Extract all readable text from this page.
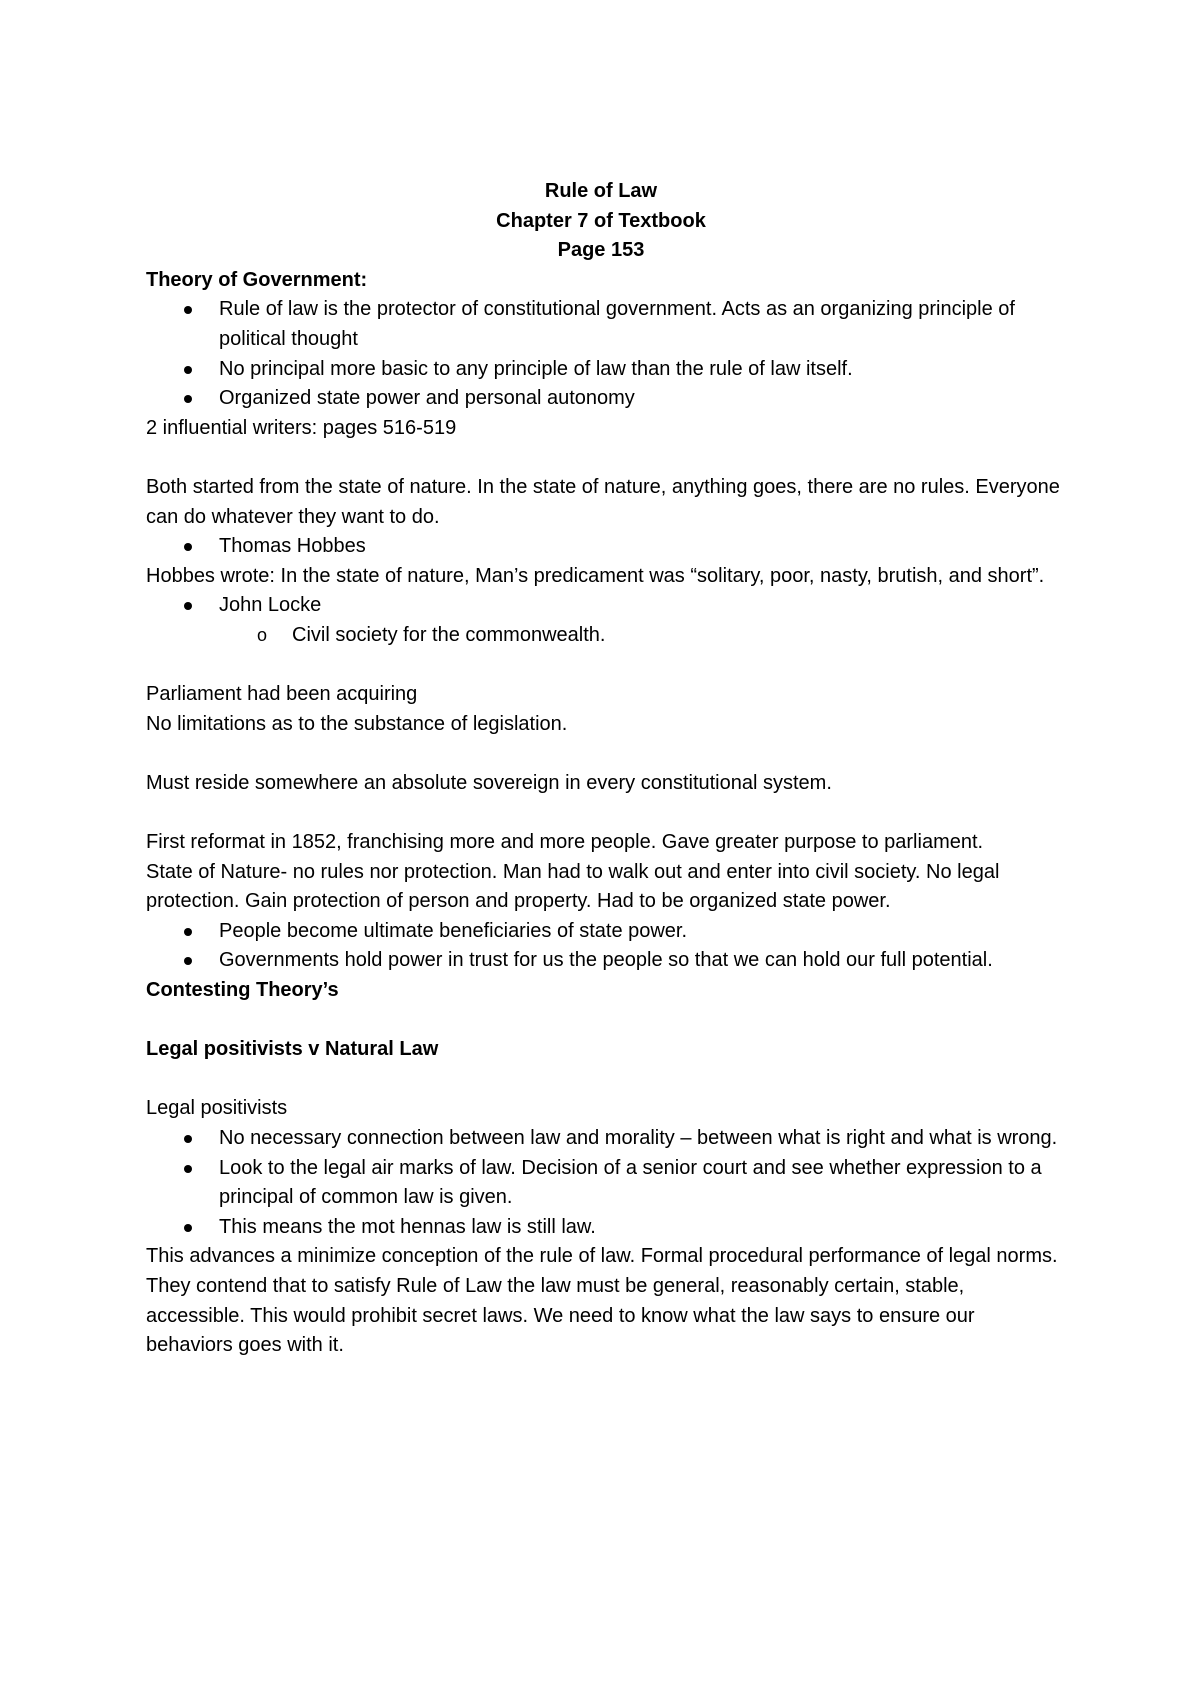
Rule of Law
Chapter 7 of Textbook
Page 153
Theory of Government:
Rule of law is the protector of constitutional government. Acts as an organizing principle of political thought
No principal more basic to any principle of law than the rule of law itself.
Organized state power and personal autonomy
2 influential writers: pages 516-519
Both started from the state of nature. In the state of nature, anything goes, there are no rules. Everyone can do whatever they want to do.
Thomas Hobbes
Hobbes wrote: In the state of nature, Man’s predicament was “solitary, poor, nasty, brutish, and short”.
John Locke
o Civil society for the commonwealth.
Parliament had been acquiring
No limitations as to the substance of legislation.
Must reside somewhere an absolute sovereign in every constitutional system.
First reformat in 1852, franchising more and more people. Gave greater purpose to parliament.
State of Nature- no rules nor protection. Man had to walk out and enter into civil society. No legal protection. Gain protection of person and property. Had to be organized state power.
People become ultimate beneficiaries of state power.
Governments hold power in trust for us the people so that we can hold our full potential.
Contesting Theory’s
Legal positivists v Natural Law
Legal positivists
No necessary connection between law and morality – between what is right and what is wrong.
Look to the legal air marks of law. Decision of a senior court and see whether expression to a principal of common law is given.
This means the mot hennas law is still law.
This advances a minimize conception of the rule of law. Formal procedural performance of legal norms. They contend that to satisfy Rule of Law the law must be general, reasonably certain, stable, accessible. This would prohibit secret laws. We need to know what the law says to ensure our behaviors goes with it.
